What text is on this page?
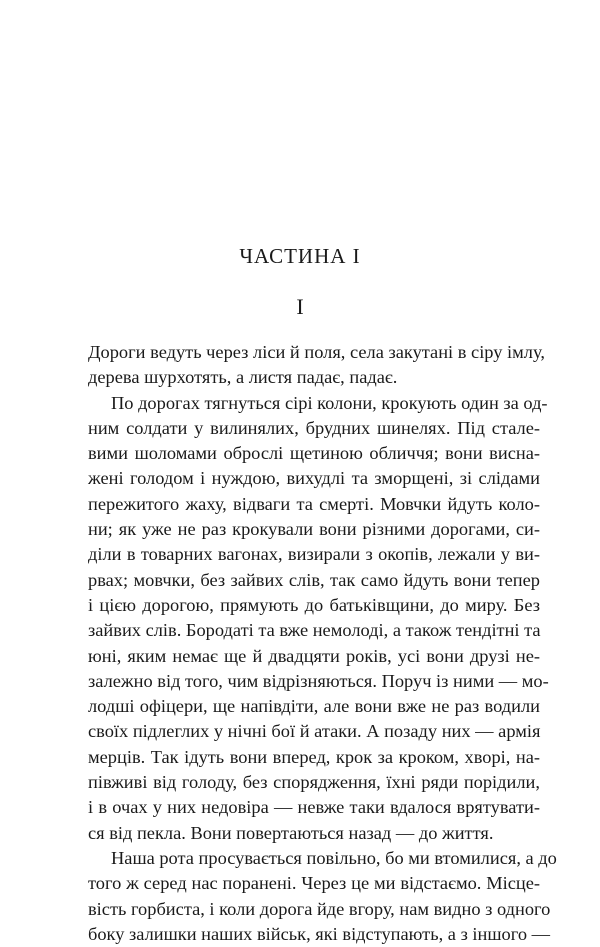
ЧАСТИНА I
I
Дороги ведуть через ліси й поля, села закутані в сіру імлу,
дерева шурхотять, а листя падає, падає.
По дорогах тягнуться сірі колони, крокують один за од-
ним солдати у вилинялих, брудних шинелях. Під стале-
вими шоломами оброслі щетиною обличчя; вони висна-
жені голодом і нуждою, вихудлі та зморщені, зі слідами
пережитого жаху, відваги та смерті. Мовчки йдуть коло-
ни; як уже не раз крокували вони різними дорогами, си-
діли в товарних вагонах, визирали з окопів, лежали у ви-
рвах; мовчки, без зайвих слів, так само йдуть вони тепер
і цією дорогою, прямують до батьківщини, до миру. Без
зайвих слів. Бородаті та вже немолоді, а також тендітні та
юні, яким немає ще й двадцяти років, усі вони друзі не-
залежно від того, чим відрізняються. Поруч із ними — мо-
лодші офіцери, ще напівдіти, але вони вже не раз водили
своїх підлеглих у нічні бої й атаки. А позаду них — армія
мерців. Так ідуть вони вперед, крок за кроком, хворі, на-
півживі від голоду, без спорядження, їхні ряди порідили,
і в очах у них недовіра — невже таки вдалося врятувати-
ся від пекла. Вони повертаються назад — до життя.
Наша рота просувається повільно, бо ми втомилися, а до
того ж серед нас поранені. Через це ми відстаємо. Місце-
вість горбиста, і коли дорога йде вгору, нам видно з одного
боку залишки наших військ, які відступають, а з іншого —
